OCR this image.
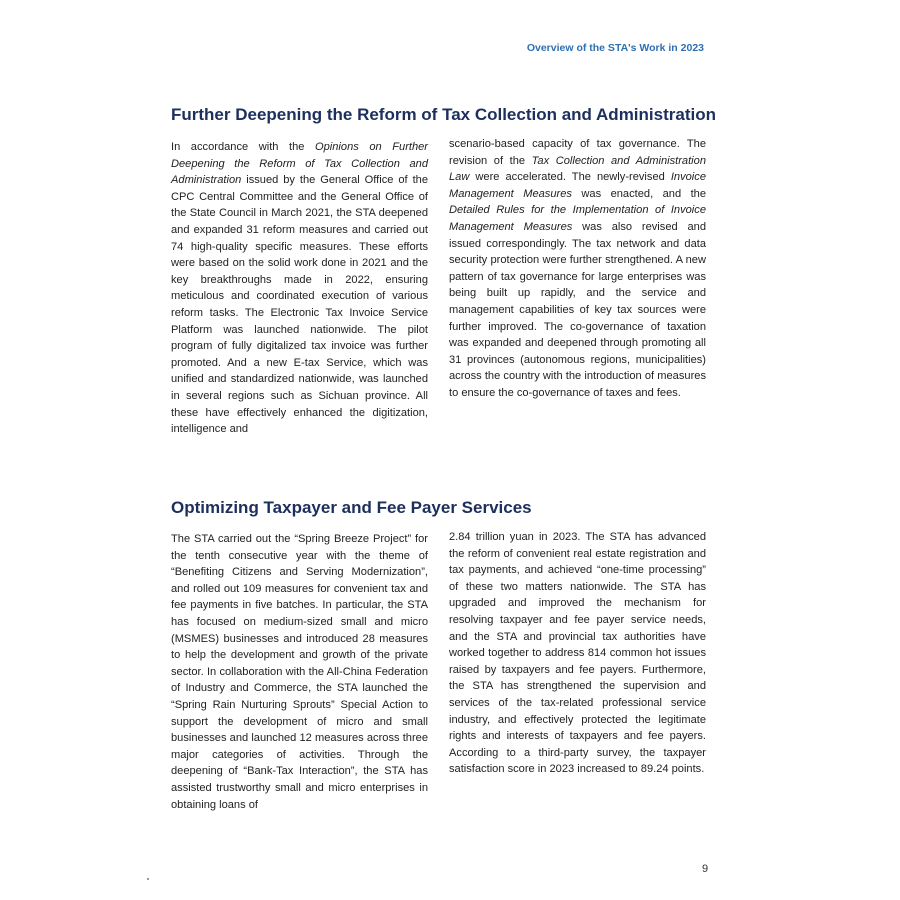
Overview of the STA's Work in 2023
Further Deepening the Reform of Tax Collection and Administration

In accordance with the Opinions on Further Deepening the Reform of Tax Collection and Administration issued by the General Office of the CPC Central Committee and the General Office of the State Council in March 2021, the STA deepened and expanded 31 reform measures and carried out 74 high-quality specific measures. These efforts were based on the solid work done in 2021 and the key breakthroughs made in 2022, ensuring meticulous and coordinated execution of various reform tasks. The Electronic Tax Invoice Service Platform was launched nationwide. The pilot program of fully digitalized tax invoice was further promoted. And a new E-tax Service, which was unified and standardized nationwide, was launched in several regions such as Sichuan province. All these have effectively enhanced the digitization, intelligence and

scenario-based capacity of tax governance. The revision of the Tax Collection and Administration Law were accelerated. The newly-revised Invoice Management Measures was enacted, and the Detailed Rules for the Implementation of Invoice Management Measures was also revised and issued correspondingly. The tax network and data security protection were further strengthened. A new pattern of tax governance for large enterprises was being built up rapidly, and the service and management capabilities of key tax sources were further improved. The co-governance of taxation was expanded and deepened through promoting all 31 provinces (autonomous regions, municipalities) across the country with the introduction of measures to ensure the co-governance of taxes and fees.

Optimizing Taxpayer and Fee Payer Services

The STA carried out the “Spring Breeze Project” for the tenth consecutive year with the theme of “Benefiting Citizens and Serving Modernization”, and rolled out 109 measures for convenient tax and fee payments in five batches. In particular, the STA has focused on medium-sized small and micro (MSMES) businesses and introduced 28 measures to help the development and growth of the private sector. In collaboration with the All-China Federation of Industry and Commerce, the STA launched the “Spring Rain Nurturing Sprouts” Special Action to support the development of micro and small businesses and launched 12 measures across three major categories of activities. Through the deepening of “Bank-Tax Interaction”, the STA has assisted trustworthy small and micro enterprises in obtaining loans of

2.84 trillion yuan in 2023. The STA has advanced the reform of convenient real estate registration and tax payments, and achieved “one-time processing” of these two matters nationwide. The STA has upgraded and improved the mechanism for resolving taxpayer and fee payer service needs, and the STA and provincial tax authorities have worked together to address 814 common hot issues raised by taxpayers and fee payers. Furthermore, the STA has strengthened the supervision and services of the tax-related professional service industry, and effectively protected the legitimate rights and interests of taxpayers and fee payers. According to a third-party survey, the taxpayer satisfaction score in 2023 increased to 89.24 points.

9
